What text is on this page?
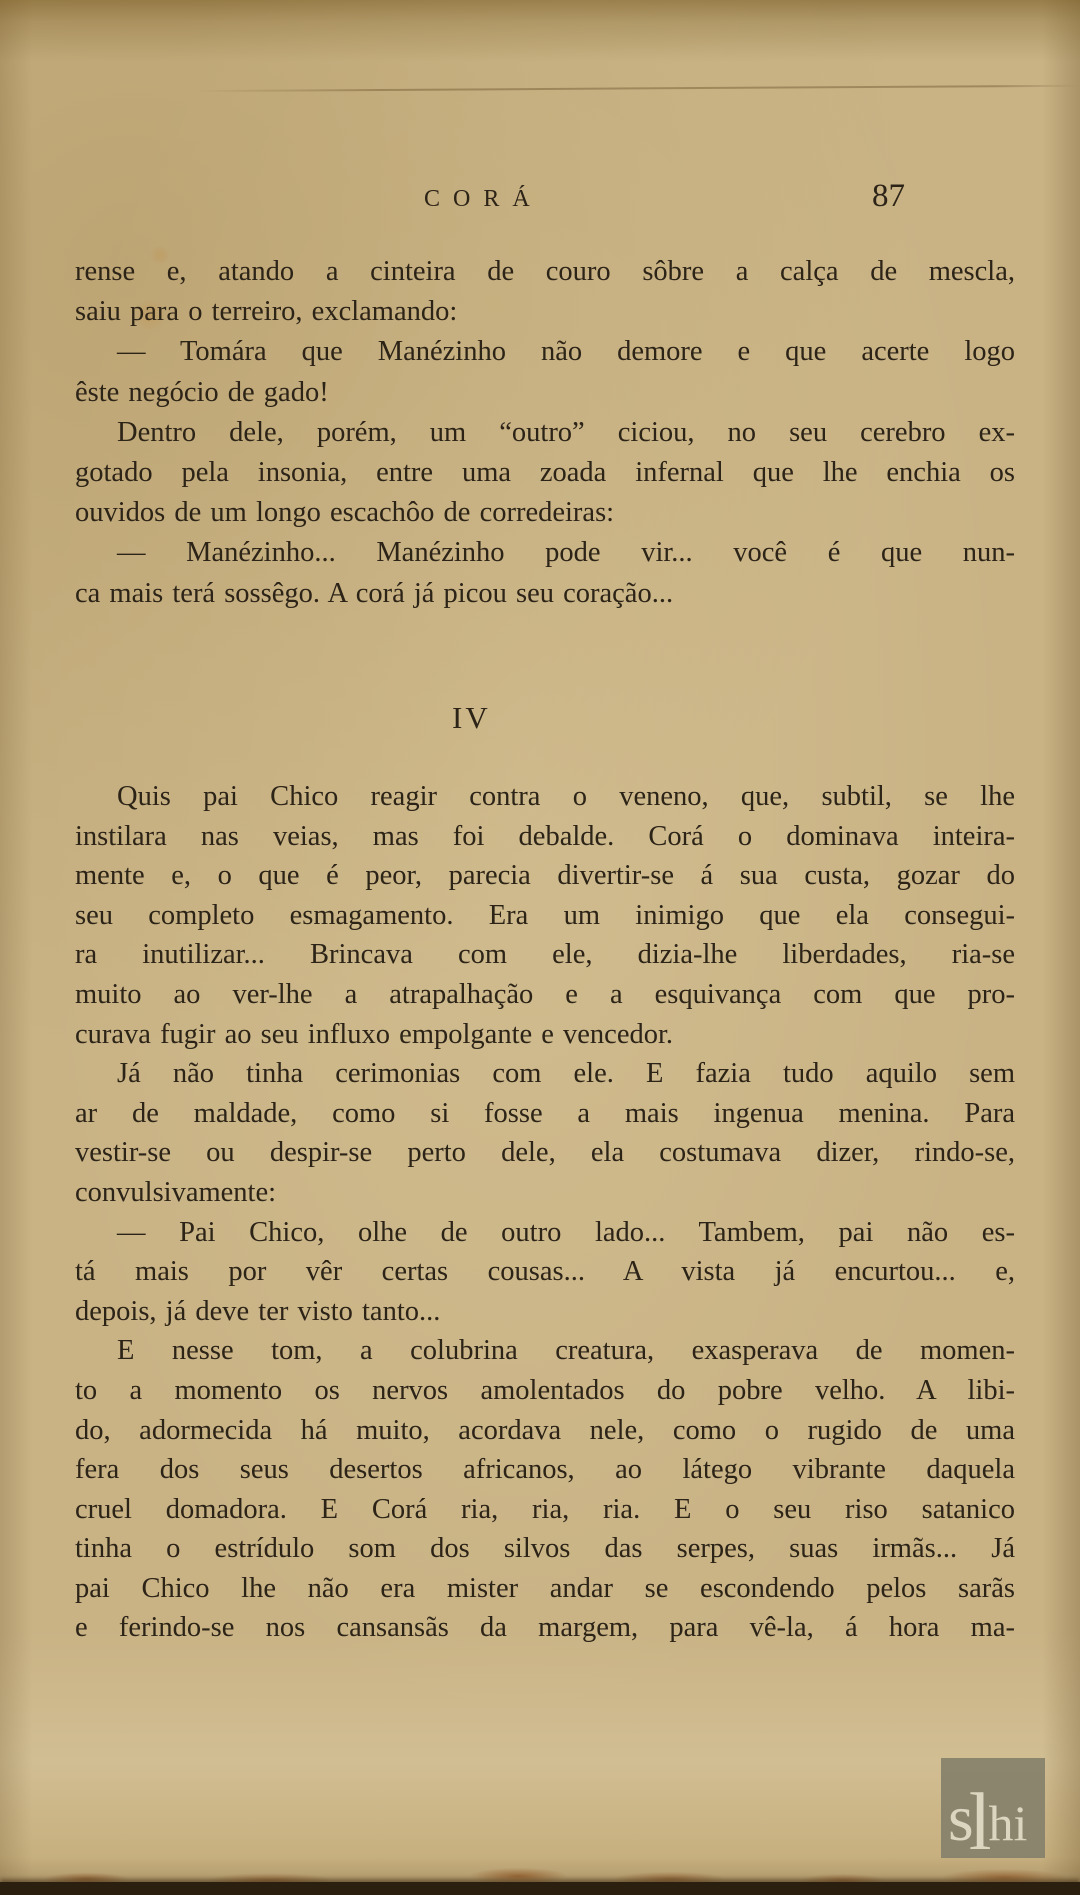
CORÁ	87
rense e, atando a cinteira de couro sôbre a calça de mescla,
saiu para o terreiro, exclamando:
— Tomára que Manézinho não demore e que acerte logo
êste negócio de gado!
Dentro dele, porém, um “outro” ciciou, no seu cerebro ex-
gotado pela insonia, entre uma zoada infernal que lhe enchia os
ouvidos de um longo escachôo de corredeiras:
— Manézinho... Manézinho pode vir... você é que nun-
ca mais terá sossêgo. A corá já picou seu coração...
IV
Quis pai Chico reagir contra o veneno, que, subtil, se lhe
instilara nas veias, mas foi debalde. Corá o dominava inteira-
mente e, o que é peor, parecia divertir-se á sua custa, gozar do
seu completo esmagamento. Era um inimigo que ela consegui-
ra inutilizar... Brincava com ele, dizia-lhe liberdades, ria-se
muito ao ver-lhe a atrapalhação e a esquivança com que pro-
curava fugir ao seu influxo empolgante e vencedor.
Já não tinha cerimonias com ele. E fazia tudo aquilo sem
ar de maldade, como si fosse a mais ingenua menina. Para
vestir-se ou despir-se perto dele, ela costumava dizer, rindo-se,
convulsivamente:
— Pai Chico, olhe de outro lado... Tambem, pai não es-
tá mais por vêr certas cousas... A vista já encurtou... e,
depois, já deve ter visto tanto...
E nesse tom, a colubrina creatura, exasperava de momen-
to a momento os nervos amolentados do pobre velho. A libi-
do, adormecida há muito, acordava nele, como o rugido de uma
fera dos seus desertos africanos, ao látego vibrante daquela
cruel domadora. E Corá ria, ria, ria. E o seu riso satanico
tinha o estrídulo som dos silvos das serpes, suas irmãs... Já
pai Chico lhe não era mister andar se escondendo pelos sarãs
e ferindo-se nos cansansãs da margem, para vê-la, á hora ma-
s
l
h i
